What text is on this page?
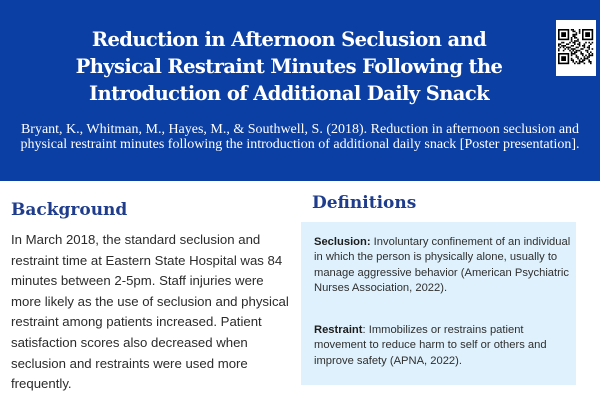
Reduction in Afternoon Seclusion and
Physical Restraint Minutes Following the
Introduction of Additional Daily Snack
Bryant, K., Whitman, M., Hayes, M., & Southwell, S. (2018). Reduction in afternoon seclusion and physical restraint minutes following the introduction of additional daily snack [Poster presentation].
Background

In March 2018, the standard seclusion and restraint time at Eastern State Hospital was 84 minutes between 2-5pm. Staff injuries were more likely as the use of seclusion and physical restraint among patients increased. Patient satisfaction scores also decreased when seclusion and restraints were used more frequently.

Definitions

Seclusion: Involuntary confinement of an individual in which the person is physically alone, usually to manage aggressive behavior (American Psychiatric Nurses Association, 2022).

Restraint: Immobilizes or restrains patient movement to reduce harm to self or others and improve safety (APNA, 2022).
